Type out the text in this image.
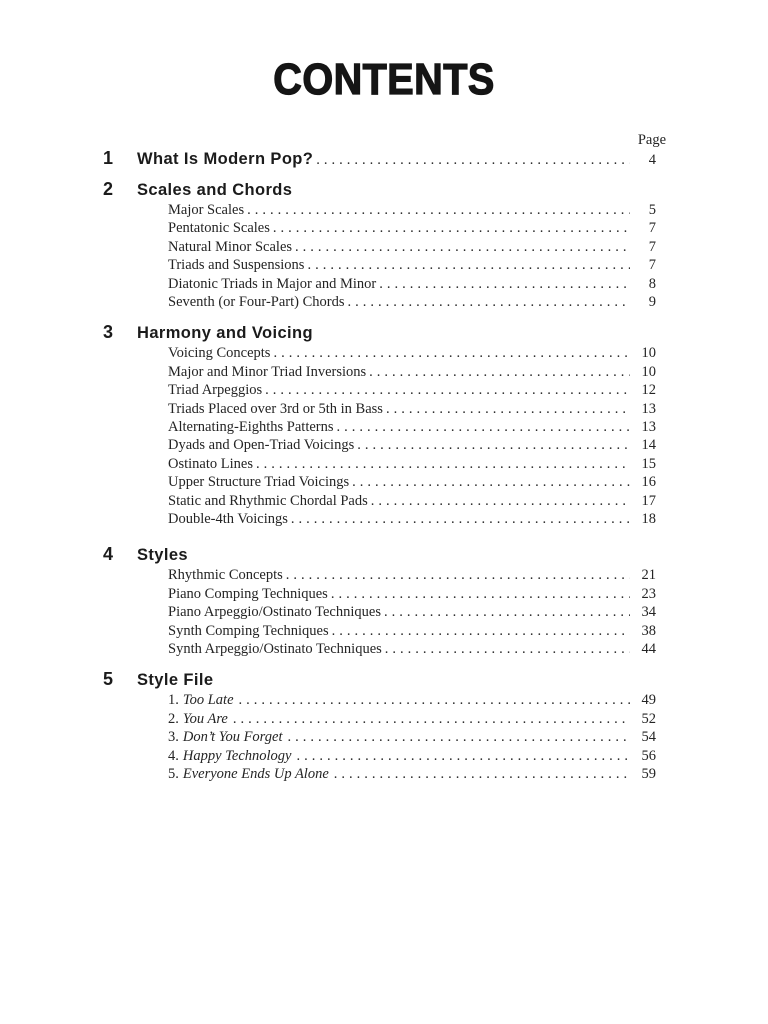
CONTENTS
Page
1	What Is Modern Pop? .....	4
2	Scales and Chords
Major Scales .....	5
Pentatonic Scales .....	7
Natural Minor Scales .....	7
Triads and Suspensions .....	7
Diatonic Triads in Major and Minor .....	8
Seventh (or Four-Part) Chords .....	9
3	Harmony and Voicing
Voicing Concepts .....	10
Major and Minor Triad Inversions .....	10
Triad Arpeggios .....	12
Triads Placed over 3rd or 5th in Bass .....	13
Alternating-Eighths Patterns .....	13
Dyads and Open-Triad Voicings .....	14
Ostinato Lines .....	15
Upper Structure Triad Voicings .....	16
Static and Rhythmic Chordal Pads .....	17
Double-4th Voicings .....	18
4	Styles
Rhythmic Concepts .....	21
Piano Comping Techniques .....	23
Piano Arpeggio/Ostinato Techniques .....	34
Synth Comping Techniques .....	38
Synth Arpeggio/Ostinato Techniques .....	44
5	Style File
1. Too Late .....	49
2. You Are .....	52
3. Don’t You Forget .....	54
4. Happy Technology .....	56
5. Everyone Ends Up Alone .....	59
